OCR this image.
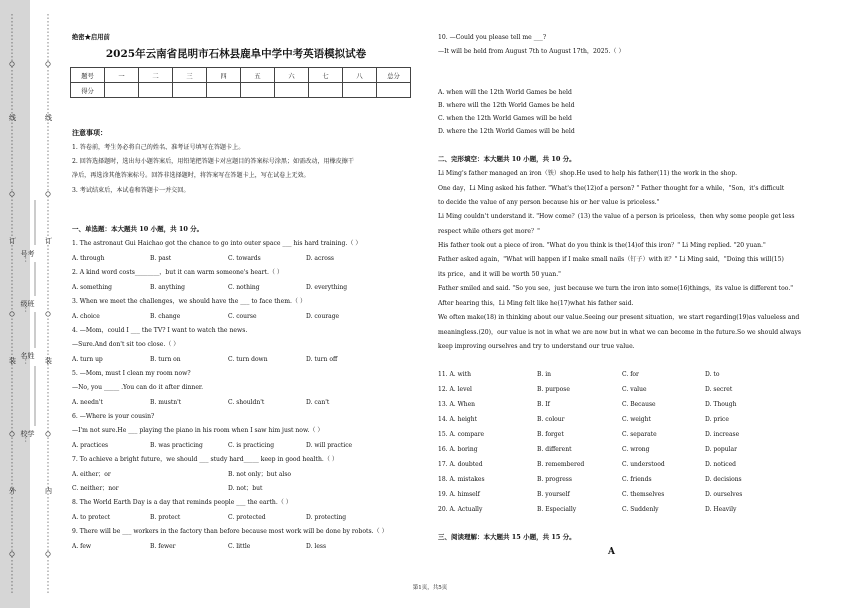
线
订
装
外
学校：
姓名：
班级：
考号：
线
订
装
内
绝密★启用前
2025年云南省昆明市石林县鹿阜中学中考英语模拟试卷
题号	一	二	三	四	五	六	七	八	总分
得分									
注意事项：
1. 答卷前，考生务必将自己的姓名、准考证号填写在答题卡上。
2. 回答选择题时，选出每小题答案后，用铅笔把答题卡对应题目的答案标号涂黑；如需改动，用橡皮擦干
净后，再选涂其他答案标号。回答非选择题时，将答案写在答题卡上，写在试卷上无效。
3. 考试结束后，本试卷和答题卡一并交回。
一、单选题：本大题共 10 小题，共 10 分。
1. The astronaut Gui Haichao got the chance to go into outer space ___ his hard training.（ ）
A. through	B. past	C. towards	D. across
2. A kind word costs________，but it can warm someone's heart.（ ）
A. something	B. anything	C. nothing	D. everything
3. When we meet the challenges，we should have the ___ to face them.（ ）
A. choice	B. change	C. course	D. courage
4. —Mom，could I ___ the TV? I want to watch the news.
—Sure.And don't sit too close.（ ）
A. turn up	B. turn on	C. turn down	D. turn off
5. —Mom, must I clean my room now?
—No, you _____ .You can do it after dinner.
A. needn't	B. mustn't	C. shouldn't	D. can't
6. —Where is your cousin?
—I'm not sure.He ___ playing the piano in his room when I saw him just now.（ ）
A. practices	B. was practicing	C. is practicing	D. will practice
7. To achieve a bright future，we should ___ study hard_____ keep in good health.（ ）
A. either；or	B. not only；but also
C. neither；nor	D. not；but
8. The World Earth Day is a day that reminds people ___ the earth.（ ）
A. to protect	B. protect	C. protected	D. protecting
9. There will be ___ workers in the factory than before because most work will be done by robots.（ ）
A. few	B. fewer	C. little	D. less
10. —Could you please tell me ___?
—It will be held from August 7th to August 17th，2025.（ ）
A. when will the 12th World Games be held
B. where will the 12th World Games be held
C. when the 12th World Games will be held
D. where the 12th World Games will be held
二、完形填空：本大题共 10 小题，共 10 分。
Li Ming's father managed an iron（铁）shop.He used to help his father(11) the work in the shop.
One day，Li Ming asked his father. "What's the(12)of a person? " Father thought for a while，"Son，it's difficult
to decide the value of any person because his or her value is priceless."
Li Ming couldn't understand it. "How come？(13) the value of a person is priceless，then why some people get less
respect while others get more？"
His father took out a piece of iron. "What do you think is the(14)of this iron？" Li Ming replied. "20 yuan."
Father asked again，"What will happen if I make small nails（钉子）with it？" Li Ming said，"Doing this will(15)
its price，and it will be worth 50 yuan."
Father smiled and said. "So you see，just because we turn the iron into some(16)things，its value is different too."
After hearing this，Li Ming felt like he(17)what his father said.
We often make(18) in thinking about our value.Seeing our present situation，we start regarding(19)as valueless and
meaningless.(20)，our value is not in what we are now but in what we can become in the future.So we should always
keep improving ourselves and try to understand our true value.
11. A. with	B. in	C. for	D. to
12. A. level	B. purpose	C. value	D. secret
13. A. When	B. If	C. Because	D. Though
14. A. height	B. colour	C. weight	D. price
15. A. compare	B. forget	C. separate	D. increase
16. A. boring	B. different	C. wrong	D. popular
17. A. doubted	B. remembered	C. understood	D. noticed
18. A. mistakes	B. progress	C. friends	D. decisions
19. A. himself	B. yourself	C. themselves	D. ourselves
20. A. Actually	B. Especially	C. Suddenly	D. Heavily
三、阅读理解：本大题共 15 小题，共 15 分。
A
第1页，共5页
